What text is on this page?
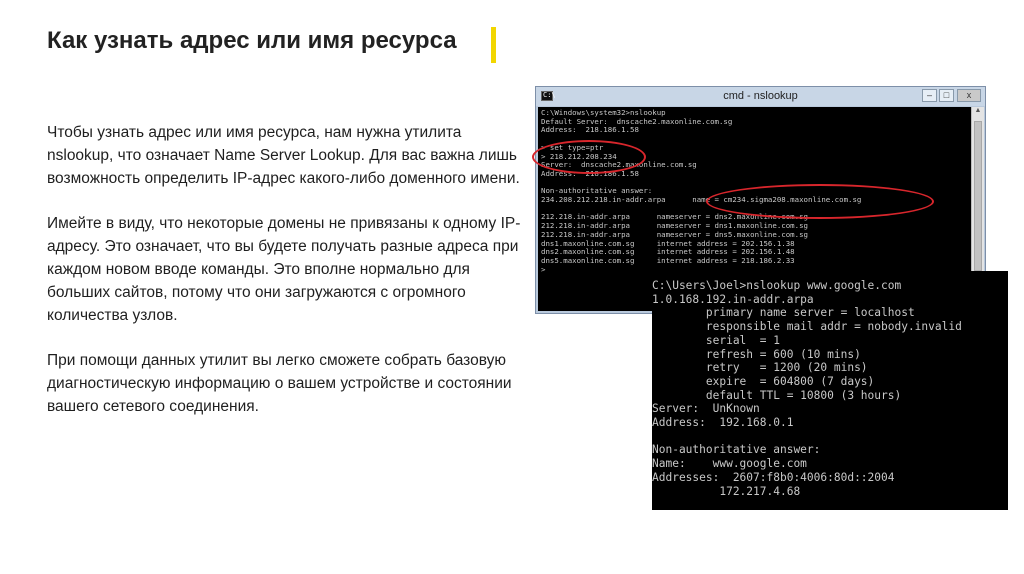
Как узнать адрес или имя ресурса

Чтобы узнать адрес или имя ресурса, нам нужна утилита nslookup, что означает Name Server Lookup. Для вас важна лишь возможность определить IP-адрес какого-либо доменного имени.

Имейте в виду, что некоторые домены не привязаны к одному IP-адресу. Это означает, что вы будете получать разные адреса при каждом новом вводе команды. Это вполне нормально для больших сайтов, потому что они загружаются с огромного количества узлов.

При помощи данных утилит вы легко сможете собрать базовую диагностическую информацию о вашем устройстве и состоянии вашего сетевого соединения.

C:\	cmd - nslookup	–	□	x
C:\Windows\system32>nslookup
Default Server:  dnscache2.maxonline.com.sg
Address:  218.186.1.58

> set type=ptr
> 218.212.208.234
Server:  dnscache2.maxonline.com.sg
Address:  218.186.1.58

Non-authoritative answer:
234.208.212.218.in-addr.arpa      name = cm234.sigma208.maxonline.com.sg

212.218.in-addr.arpa      nameserver = dns2.maxonline.com.sg
212.218.in-addr.arpa      nameserver = dns1.maxonline.com.sg
212.218.in-addr.arpa      nameserver = dns5.maxonline.com.sg
dns1.maxonline.com.sg     internet address = 202.156.1.38
dns2.maxonline.com.sg     internet address = 202.156.1.48
dns5.maxonline.com.sg     internet address = 218.186.2.33
>

▲
C:\Users\Joel>nslookup www.google.com
1.0.168.192.in-addr.arpa
primary name server = localhost
responsible mail addr = nobody.invalid
serial  = 1
refresh = 600 (10 mins)
retry   = 1200 (20 mins)
expire  = 604800 (7 days)
default TTL = 10800 (3 hours)
Server:  UnKnown
Address:  192.168.0.1

Non-authoritative answer:
Name:    www.google.com
Addresses:  2607:f8b0:4006:80d::2004
172.217.4.68
